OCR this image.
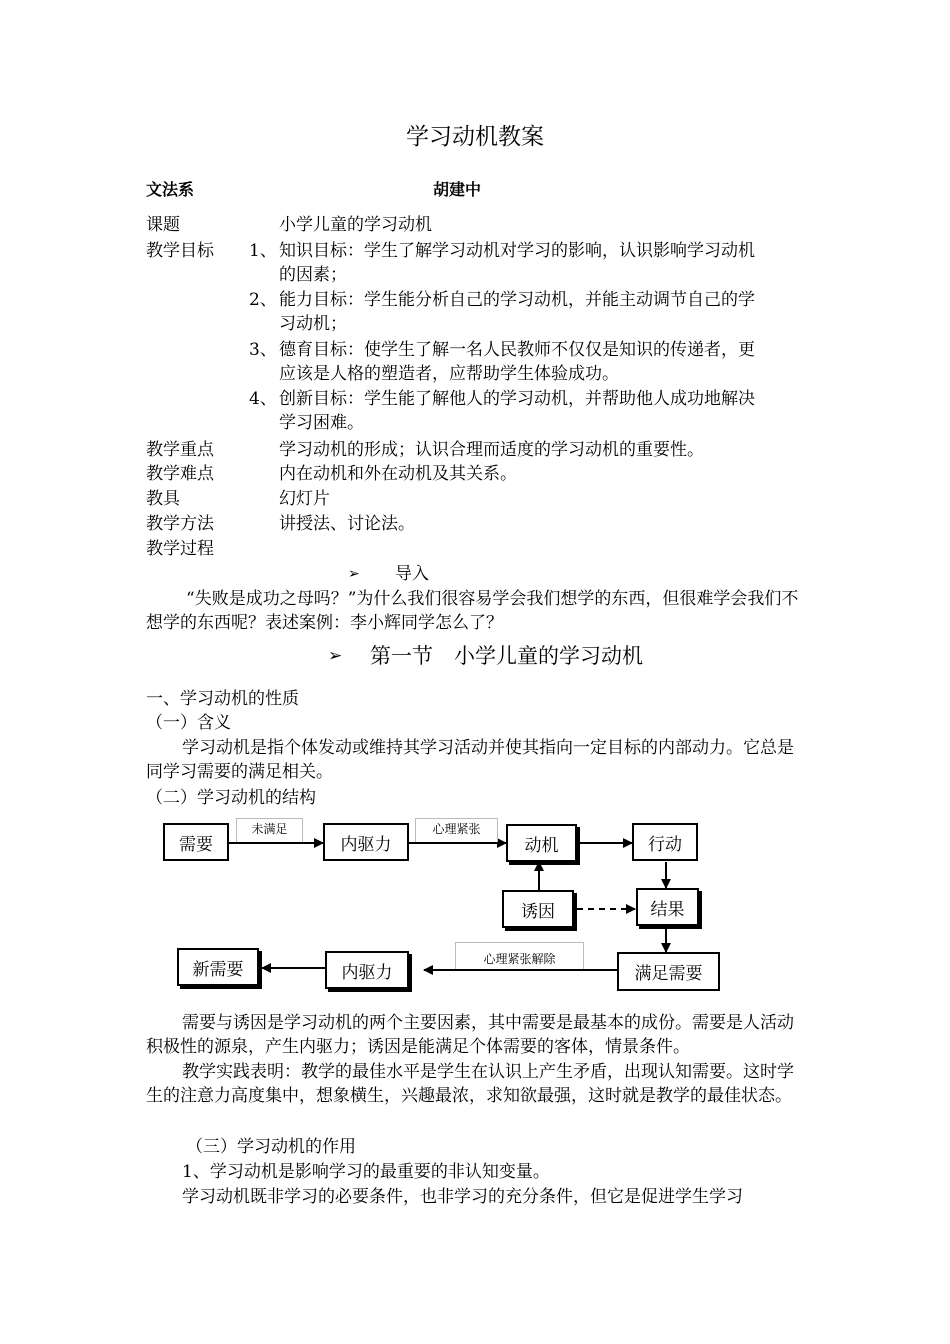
学习动机教案
文法系	胡建中
课题	小学儿童的学习动机
教学目标 1、 知识目标：学生了解学习动机对学习的影响，认识影响学习动机
的因素；
2、 能力目标：学生能分析自己的学习动机，并能主动调节自己的学
习动机；
3、 德育目标：使学生了解一名人民教师不仅仅是知识的传递者，更
应该是人格的塑造者，应帮助学生体验成功。
4、 创新目标：学生能了解他人的学习动机，并帮助他人成功地解决
学习困难。
教学重点	学习动机的形成；认识合理而适度的学习动机的重要性。
教学难点	内在动机和外在动机及其关系。
教具	幻灯片
教学方法	讲授法、讨论法。
教学过程
➢ 导入
“失败是成功之母吗？”为什么我们很容易学会我们想学的东西，但很难学会我们不想学的东西呢？表述案例：李小辉同学怎么了？
➢ 第一节　小学儿童的学习动机
一、学习动机的性质
（一）含义
学习动机是指个体发动或维持其学习活动并使其指向一定目标的内部动力。它总是同学习需要的满足相关。
（二）学习动机的结构
未满足	心理紧张
心理紧张解除
需要	内驱力	动机	行动
诱因	结果
满足需要
内驱力
新需要
需要与诱因是学习动机的两个主要因素，其中需要是最基本的成份。需要是人活动积极性的源泉，产生内驱力；诱因是能满足个体需要的客体，情景条件。
教学实践表明：教学的最佳水平是学生在认识上产生矛盾，出现认知需要。这时学生的注意力高度集中，想象横生，兴趣最浓，求知欲最强，这时就是教学的最佳状态。
（三）学习动机的作用
1、学习动机是影响学习的最重要的非认知变量。
学习动机既非学习的必要条件，也非学习的充分条件，但它是促进学生学习
